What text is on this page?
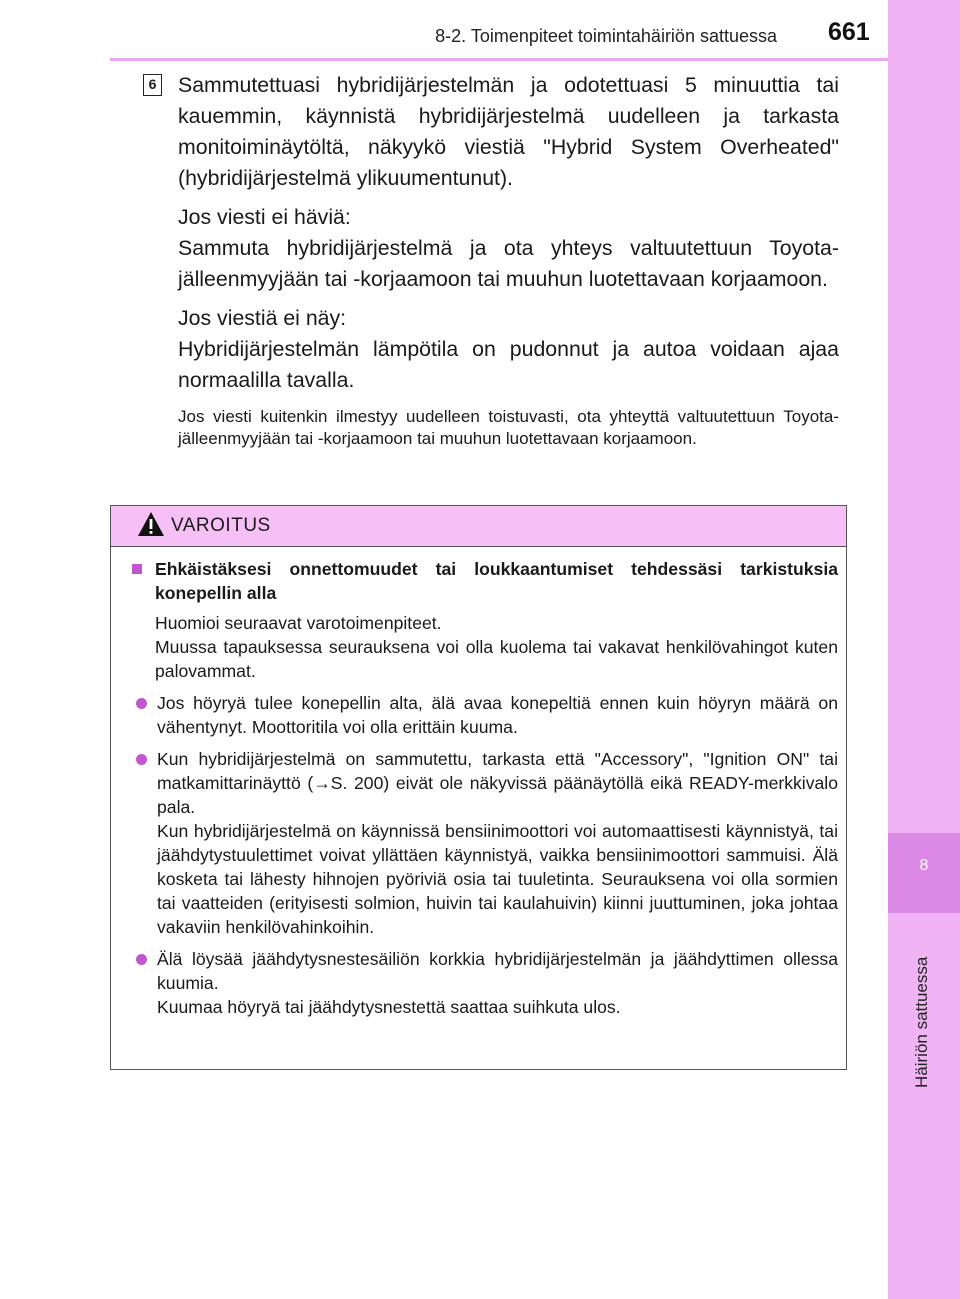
8-2. Toimenpiteet toimintahäiriön sattuessa 661
8
Häiriön sattuessa
6 Sammutettuasi hybridijärjestelmän ja odotettuasi 5 minuuttia tai kauemmin, käynnistä hybridijärjestelmä uudelleen ja tarkasta monitoiminäytöltä, näkyykö viestiä "Hybrid System Overheated" (hybridijärjestelmä ylikuumentunut).

Jos viesti ei häviä:

Sammuta hybridijärjestelmä ja ota yhteys valtuutettuun Toyota-jälleenmyyjään tai -korjaamoon tai muuhun luotettavaan korjaamoon.

Jos viestiä ei näy:

Hybridijärjestelmän lämpötila on pudonnut ja autoa voidaan ajaa normaalilla tavalla.

Jos viesti kuitenkin ilmestyy uudelleen toistuvasti, ota yhteyttä valtuutettuun Toyota-jälleenmyyjään tai -korjaamoon tai muuhun luotettavaan korjaamoon.

VAROITUS
Ehkäistäksesi onnettomuudet tai loukkaantumiset tehdessäsi tarkistuksia konepellin alla
Huomioi seuraavat varotoimenpiteet.
Muussa tapauksessa seurauksena voi olla kuolema tai vakavat henkilövahingot kuten palovammat.
Jos höyryä tulee konepellin alta, älä avaa konepeltiä ennen kuin höyryn määrä on vähentynyt. Moottoritila voi olla erittäin kuuma.
Kun hybridijärjestelmä on sammutettu, tarkasta että "Accessory", "Ignition ON" tai matkamittarinäyttö (→S. 200) eivät ole näkyvissä päänäytöllä eikä READY-merkkivalo pala.
Kun hybridijärjestelmä on käynnissä bensiinimoottori voi automaattisesti käynnistyä, tai jäähdytystuulettimet voivat yllättäen käynnistyä, vaikka bensiinimoottori sammuisi. Älä kosketa tai lähesty hihnojen pyöriviä osia tai tuuletinta. Seurauksena voi olla sormien tai vaatteiden (erityisesti solmion, huivin tai kaulahuivin) kiinni juuttuminen, joka johtaa vakaviin henkilövahinkoihin.
Älä löysää jäähdytysnestesäiliön korkkia hybridijärjestelmän ja jäähdyttimen ollessa kuumia.
Kuumaa höyryä tai jäähdytysnestettä saattaa suihkuta ulos.
